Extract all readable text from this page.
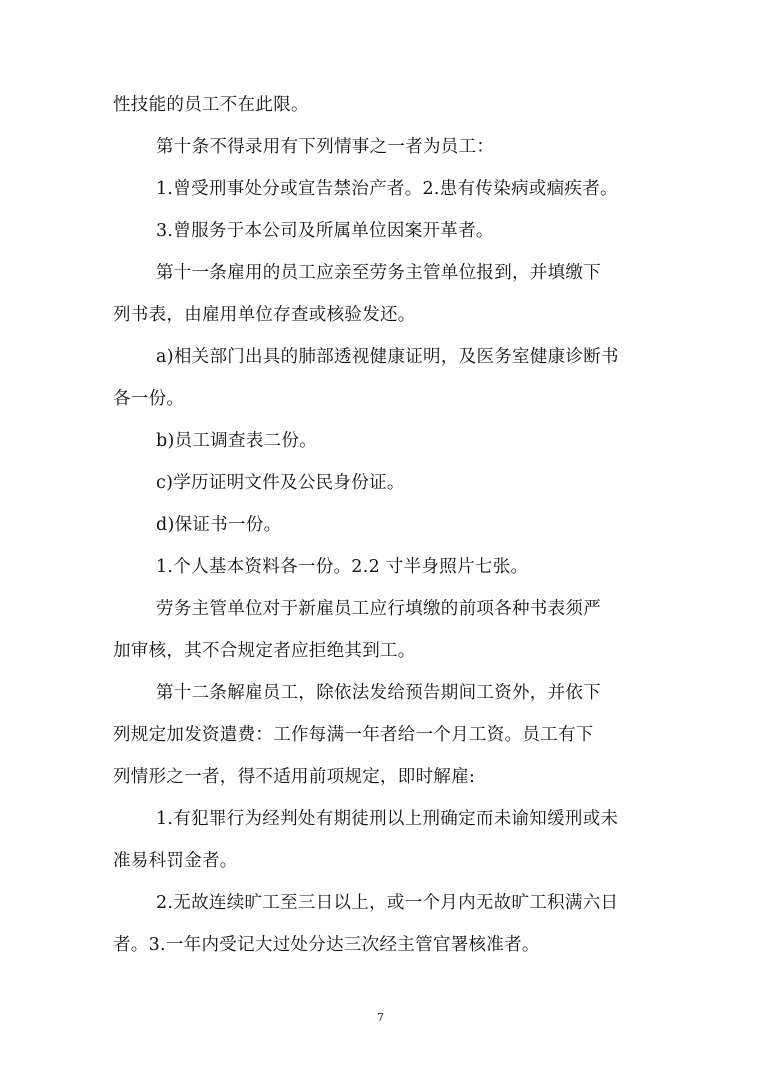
性技能的员工不在此限。
第十条不得录用有下列情事之一者为员工：
1.曾受刑事处分或宣告禁治产者。2.患有传染病或痼疾者。
3.曾服务于本公司及所属单位因案开革者。
第十一条雇用的员工应亲至劳务主管单位报到，并填缴下
列书表，由雇用单位存查或核验发还。
a)相关部门出具的肺部透视健康证明，及医务室健康诊断书
各一份。
b)员工调查表二份。
c)学历证明文件及公民身份证。
d)保证书一份。
1.个人基本资料各一份。2.2 寸半身照片七张。
劳务主管单位对于新雇员工应行填缴的前项各种书表须严
加审核，其不合规定者应拒绝其到工。
第十二条解雇员工，除依法发给预告期间工资外，并依下
列规定加发资遣费：工作每满一年者给一个月工资。员工有下
列情形之一者，得不适用前项规定，即时解雇:
1.有犯罪行为经判处有期徒刑以上刑确定而未谕知缓刑或未
准易科罚金者。
2.无故连续旷工至三日以上，或一个月内无故旷工积满六日
者。3.一年内受记大过处分达三次经主管官署核准者。
7
